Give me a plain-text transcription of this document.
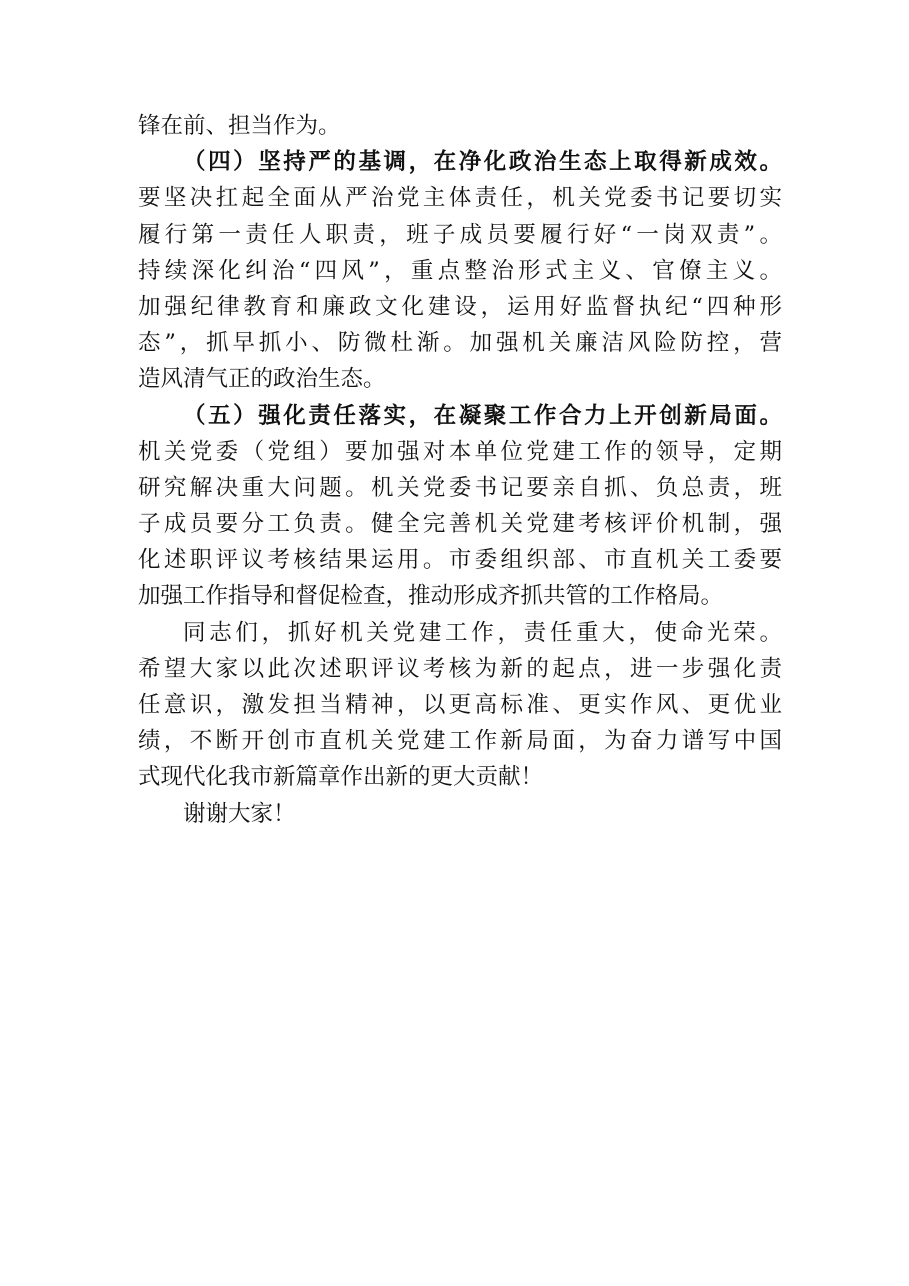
锋在前、担当作为。
（四）坚持严的基调，在净化政治生态上取得新成效。
要坚决扛起全面从严治党主体责任，机关党委书记要切实
履行第一责任人职责，班子成员要履行好“一岗双责”。
持续深化纠治“四风”，重点整治形式主义、官僚主义。
加强纪律教育和廉政文化建设，运用好监督执纪“四种形
态”，抓早抓小、防微杜渐。加强机关廉洁风险防控，营
造风清气正的政治生态。
（五）强化责任落实，在凝聚工作合力上开创新局面。
机关党委（党组）要加强对本单位党建工作的领导，定期
研究解决重大问题。机关党委书记要亲自抓、负总责，班
子成员要分工负责。健全完善机关党建考核评价机制，强
化述职评议考核结果运用。市委组织部、市直机关工委要
加强工作指导和督促检查，推动形成齐抓共管的工作格局。
同志们，抓好机关党建工作，责任重大，使命光荣。
希望大家以此次述职评议考核为新的起点，进一步强化责
任意识，激发担当精神，以更高标准、更实作风、更优业
绩，不断开创市直机关党建工作新局面，为奋力谱写中国
式现代化我市新篇章作出新的更大贡献！
谢谢大家！
